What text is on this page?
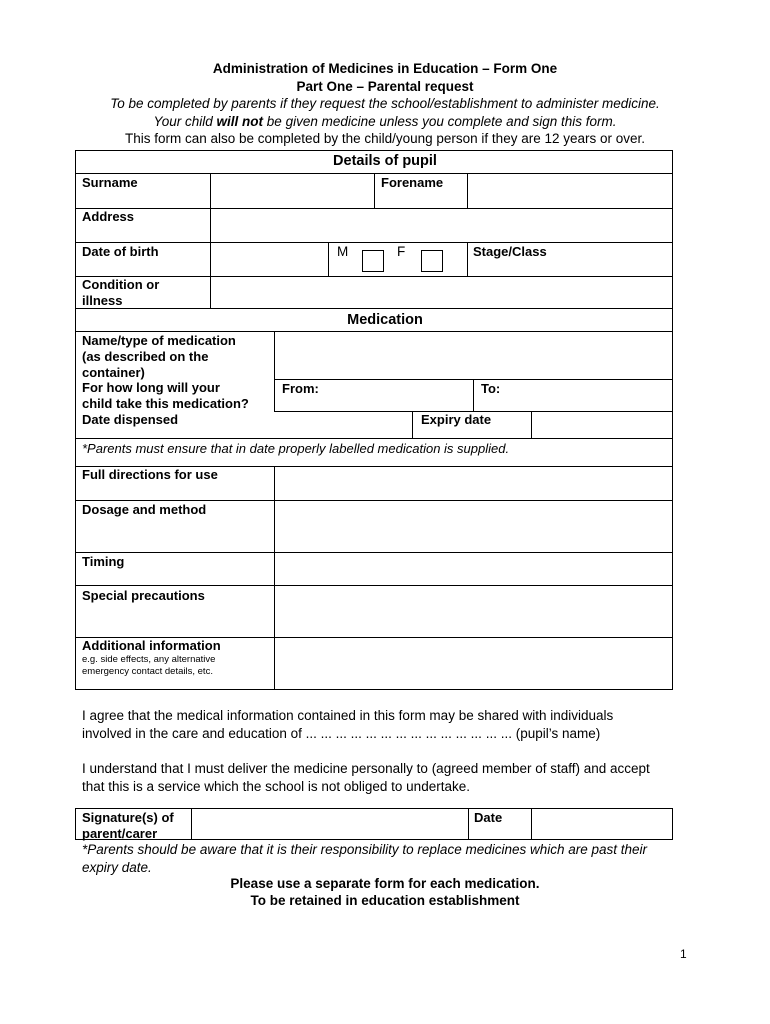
Administration of Medicines in Education – Form One
Part One – Parental request
To be completed by parents if they request the school/establishment to administer medicine.
Your child will not be given medicine unless you complete and sign this form.
This form can also be completed by the child/young person if they are 12 years or over.
Details of pupil
Surname	Forename
Address
Date of birth	M	F	Stage/Class
Condition or
illness
Medication
Name/type of medication
(as described on the
container)
For how long will your
child take this medication?
From:	To:
Date dispensed	Expiry date
*Parents must ensure that in date properly labelled medication is supplied.
Full directions for use
Dosage and method
Timing
Special precautions
Additional information
e.g. side effects, any alternative
emergency contact details, etc.
I agree that the medical information contained in this form may be shared with individuals
involved in the care and education of ... ... ... ... ... ... ... ... ... ... ... ... ... ... (pupil’s name)
I understand that I must deliver the medicine personally to (agreed member of staff) and accept
that this is a service which the school is not obliged to undertake.
Signature(s) of
parent/carer
Date
*Parents should be aware that it is their responsibility to replace medicines which are past their
expiry date.
Please use a separate form for each medication.
To be retained in education establishment
1
